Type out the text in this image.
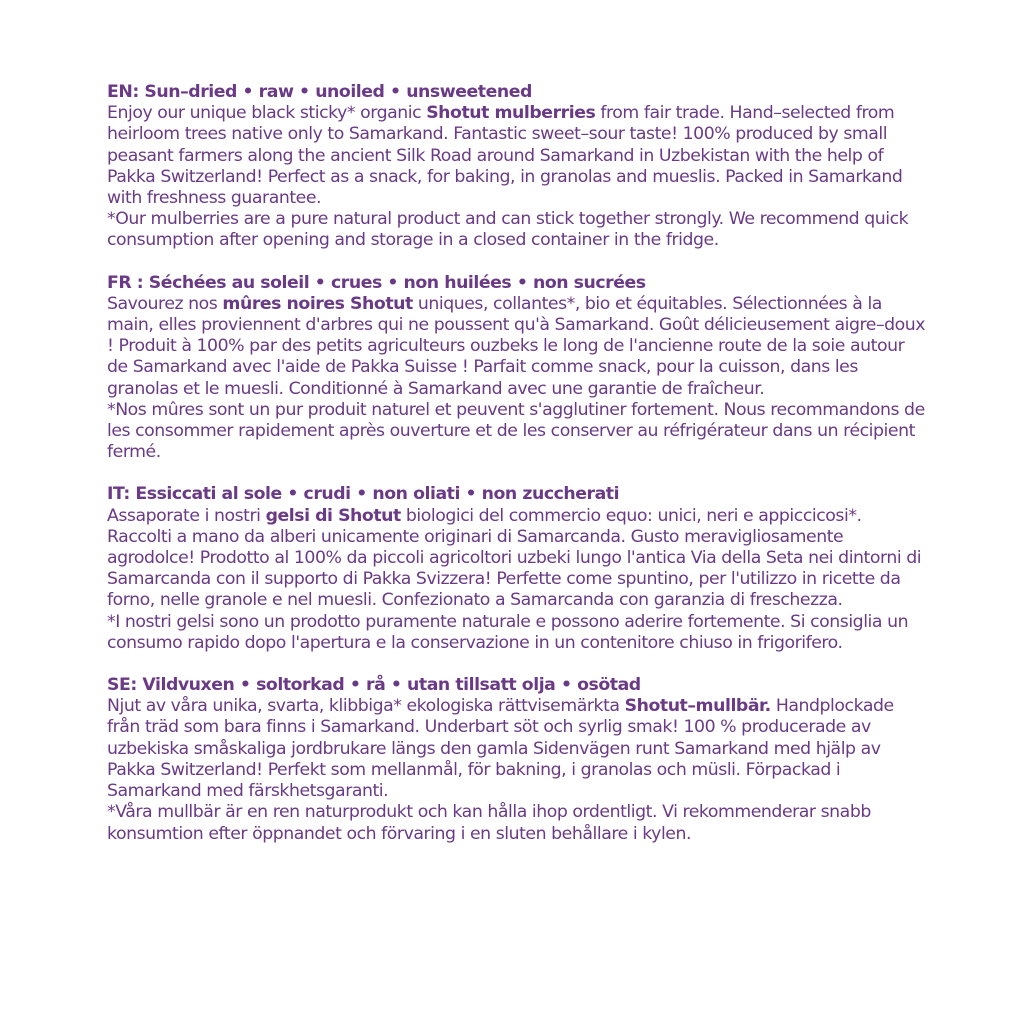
EN: Sun–dried • raw • unoiled • unsweetened

Enjoy our unique black sticky* organic Shotut mulberries from fair trade. Hand–selected from heirloom trees native only to Samarkand. Fantastic sweet–sour taste! 100% produced by small peasant farmers along the ancient Silk Road around Samarkand in Uzbekistan with the help of Pakka Switzerland! Perfect as a snack, for baking, in granolas and mueslis. Packed in Samarkand with freshness guarantee.

*Our mulberries are a pure natural product and can stick together strongly. We recommend quick consumption after opening and storage in a closed container in the fridge.

FR : Séchées au soleil • crues • non huilées • non sucrées

Savourez nos mûres noires Shotut uniques, collantes*, bio et équitables. Sélectionnées à la main, elles proviennent d'arbres qui ne poussent qu'à Samarkand. Goût délicieusement aigre–doux ! Produit à 100% par des petits agriculteurs ouzbeks le long de l'ancienne route de la soie autour de Samarkand avec l'aide de Pakka Suisse ! Parfait comme snack, pour la cuisson, dans les granolas et le muesli. Conditionné à Samarkand avec une garantie de fraîcheur.

*Nos mûres sont un pur produit naturel et peuvent s'agglutiner fortement. Nous recommandons de les consommer rapidement après ouverture et de les conserver au réfrigérateur dans un récipient fermé.

IT: Essiccati al sole • crudi • non oliati • non zuccherati

Assaporate i nostri gelsi di Shotut biologici del commercio equo: unici, neri e appiccicosi*. Raccolti a mano da alberi unicamente originari di Samarcanda. Gusto meravigliosamente agrodolce! Prodotto al 100% da piccoli agricoltori uzbeki lungo l'antica Via della Seta nei dintorni di Samarcanda con il supporto di Pakka Svizzera! Perfette come spuntino, per l'utilizzo in ricette da forno, nelle granole e nel muesli. Confezionato a Samarcanda con garanzia di freschezza.

*I nostri gelsi sono un prodotto puramente naturale e possono aderire fortemente. Si consiglia un consumo rapido dopo l'apertura e la conservazione in un contenitore chiuso in frigorifero.

SE: Vildvuxen • soltorkad • rå • utan tillsatt olja • osötad

Njut av våra unika, svarta, klibbiga* ekologiska rättvisemärkta Shotut–mullbär. Handplockade från träd som bara finns i Samarkand. Underbart söt och syrlig smak! 100 % producerade av uzbekiska småskaliga jordbrukare längs den gamla Sidenvägen runt Samarkand med hjälp av Pakka Switzerland! Perfekt som mellanmål, för bakning, i granolas och müsli. Förpackad i Samarkand med färskhetsgaranti.

*Våra mullbär är en ren naturprodukt och kan hålla ihop ordentligt. Vi rekommenderar snabb konsumtion efter öppnandet och förvaring i en sluten behållare i kylen.
